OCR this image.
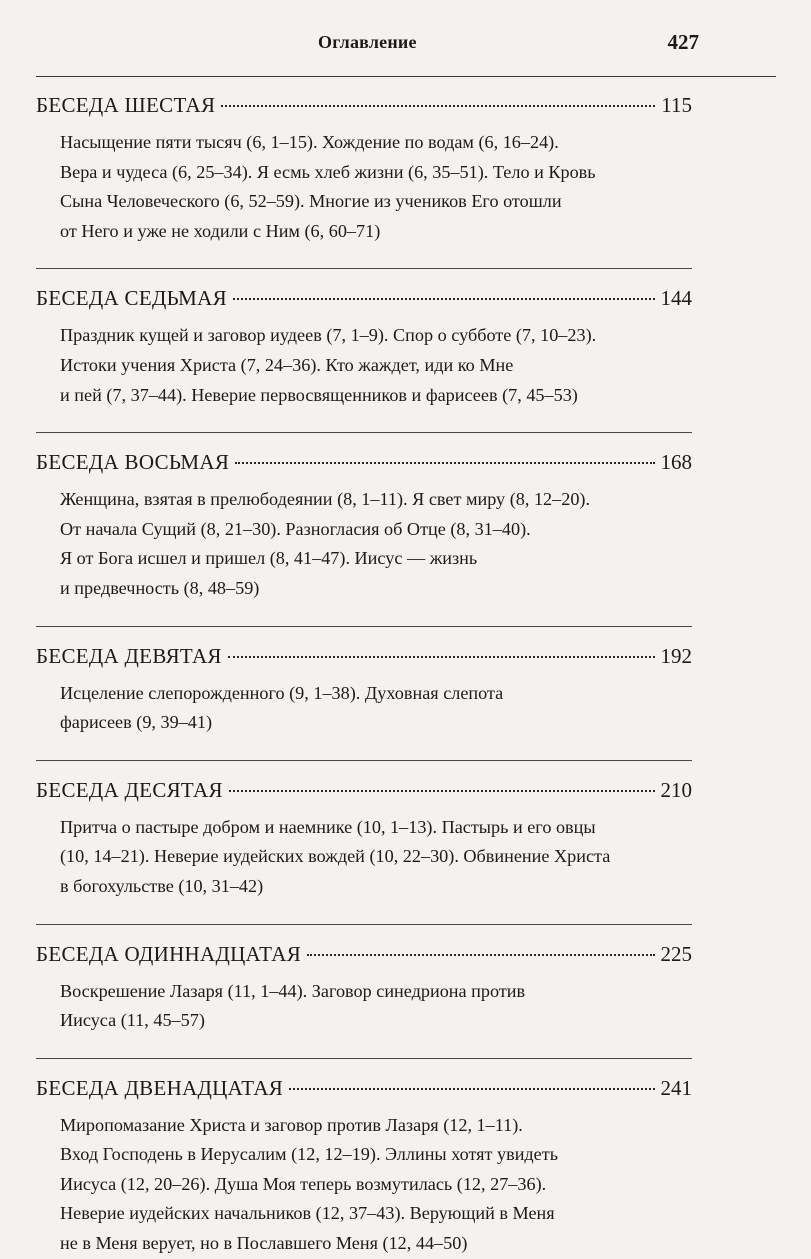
Оглавление	427
БЕСЕДА ШЕСТАЯ	115
Насыщение пяти тысяч (6, 1–15). Хождение по водам (6, 16–24).
Вера и чудеса (6, 25–34). Я есмь хлеб жизни (6, 35–51). Тело и Кровь
Сына Человеческого (6, 52–59). Многие из учеников Его отошли
от Него и уже не ходили с Ним (6, 60–71)
БЕСЕДА СЕДЬМАЯ	144
Праздник кущей и заговор иудеев (7, 1–9). Спор о субботе (7, 10–23).
Истоки учения Христа (7, 24–36). Кто жаждет, иди ко Мне
и пей (7, 37–44). Неверие первосвященников и фарисеев (7, 45–53)
БЕСЕДА ВОСЬМАЯ	168
Женщина, взятая в прелюбодеянии (8, 1–11). Я свет миру (8, 12–20).
От начала Сущий (8, 21–30). Разногласия об Отце (8, 31–40).
Я от Бога исшел и пришел (8, 41–47). Иисус — жизнь
и предвечность (8, 48–59)
БЕСЕДА ДЕВЯТАЯ	192
Исцеление слепорожденного (9, 1–38). Духовная слепота
фарисеев (9, 39–41)
БЕСЕДА ДЕСЯТАЯ	210
Притча о пастыре добром и наемнике (10, 1–13). Пастырь и его овцы
(10, 14–21). Неверие иудейских вождей (10, 22–30). Обвинение Христа
в богохульстве (10, 31–42)
БЕСЕДА ОДИННАДЦАТАЯ	225
Воскрешение Лазаря (11, 1–44). Заговор синедриона против
Иисуса (11, 45–57)
БЕСЕДА ДВЕНАДЦАТАЯ	241
Миропомазание Христа и заговор против Лазаря (12, 1–11).
Вход Господень в Иерусалим (12, 12–19). Эллины хотят увидеть
Иисуса (12, 20–26). Душа Моя теперь возмутилась (12, 27–36).
Неверие иудейских начальников (12, 37–43). Верующий в Меня
не в Меня верует, но в Пославшего Меня (12, 44–50)
